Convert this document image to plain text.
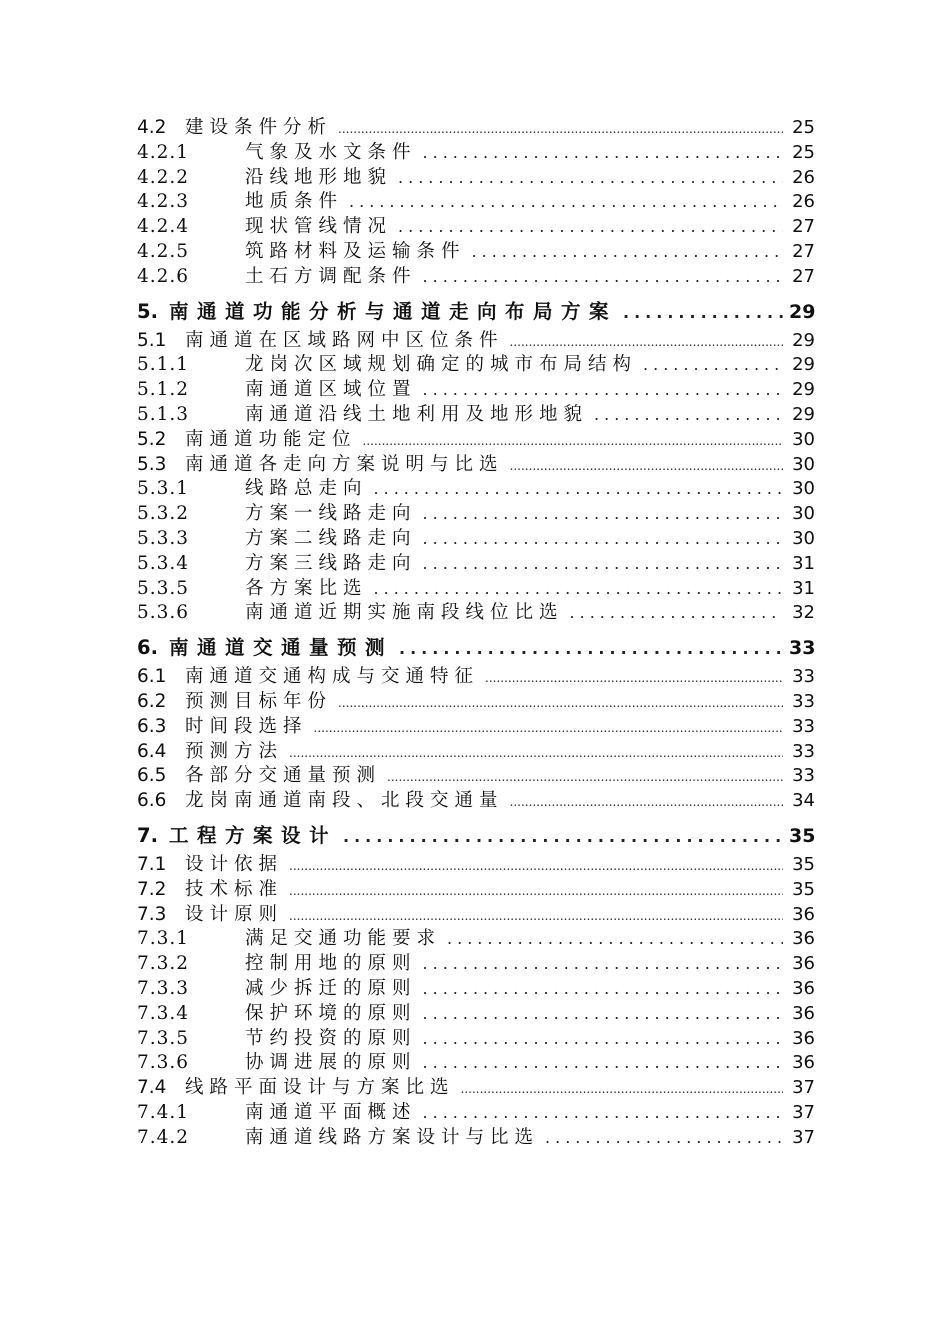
4.2	建设条件分析 .....	25
4.2.1	气象及水文条件 .....	25
4.2.2	沿线地形地貌 .....	26
4.2.3	地质条件 .....	26
4.2.4	现状管线情况 .....	27
4.2.5	筑路材料及运输条件 .....	27
4.2.6	土石方调配条件 .....	27
5. 南通道功能分析与通道走向布局方案 .....	29
5.1	南通道在区域路网中区位条件 .....	29
5.1.1	龙岗次区域规划确定的城市布局结构 .....	29
5.1.2	南通道区域位置 .....	29
5.1.3	南通道沿线土地利用及地形地貌 .....	29
5.2	南通道功能定位 .....	30
5.3	南通道各走向方案说明与比选 .....	30
5.3.1	线路总走向 .....	30
5.3.2	方案一线路走向 .....	30
5.3.3	方案二线路走向 .....	30
5.3.4	方案三线路走向 .....	31
5.3.5	各方案比选 .....	31
5.3.6	南通道近期实施南段线位比选 .....	32
6. 南通道交通量预测 .....	33
6.1	南通道交通构成与交通特征 .....	33
6.2	预测目标年份 .....	33
6.3	时间段选择 .....	33
6.4	预测方法 .....	33
6.5	各部分交通量预测 .....	33
6.6	龙岗南通道南段、北段交通量 .....	34
7. 工程方案设计 .....	35
7.1	设计依据 .....	35
7.2	技术标准 .....	35
7.3	设计原则 .....	36
7.3.1	满足交通功能要求 .....	36
7.3.2	控制用地的原则 .....	36
7.3.3	减少拆迁的原则 .....	36
7.3.4	保护环境的原则 .....	36
7.3.5	节约投资的原则 .....	36
7.3.6	协调进展的原则 .....	36
7.4	线路平面设计与方案比选 .....	37
7.4.1	南通道平面概述 .....	37
7.4.2	南通道线路方案设计与比选 .....	37
